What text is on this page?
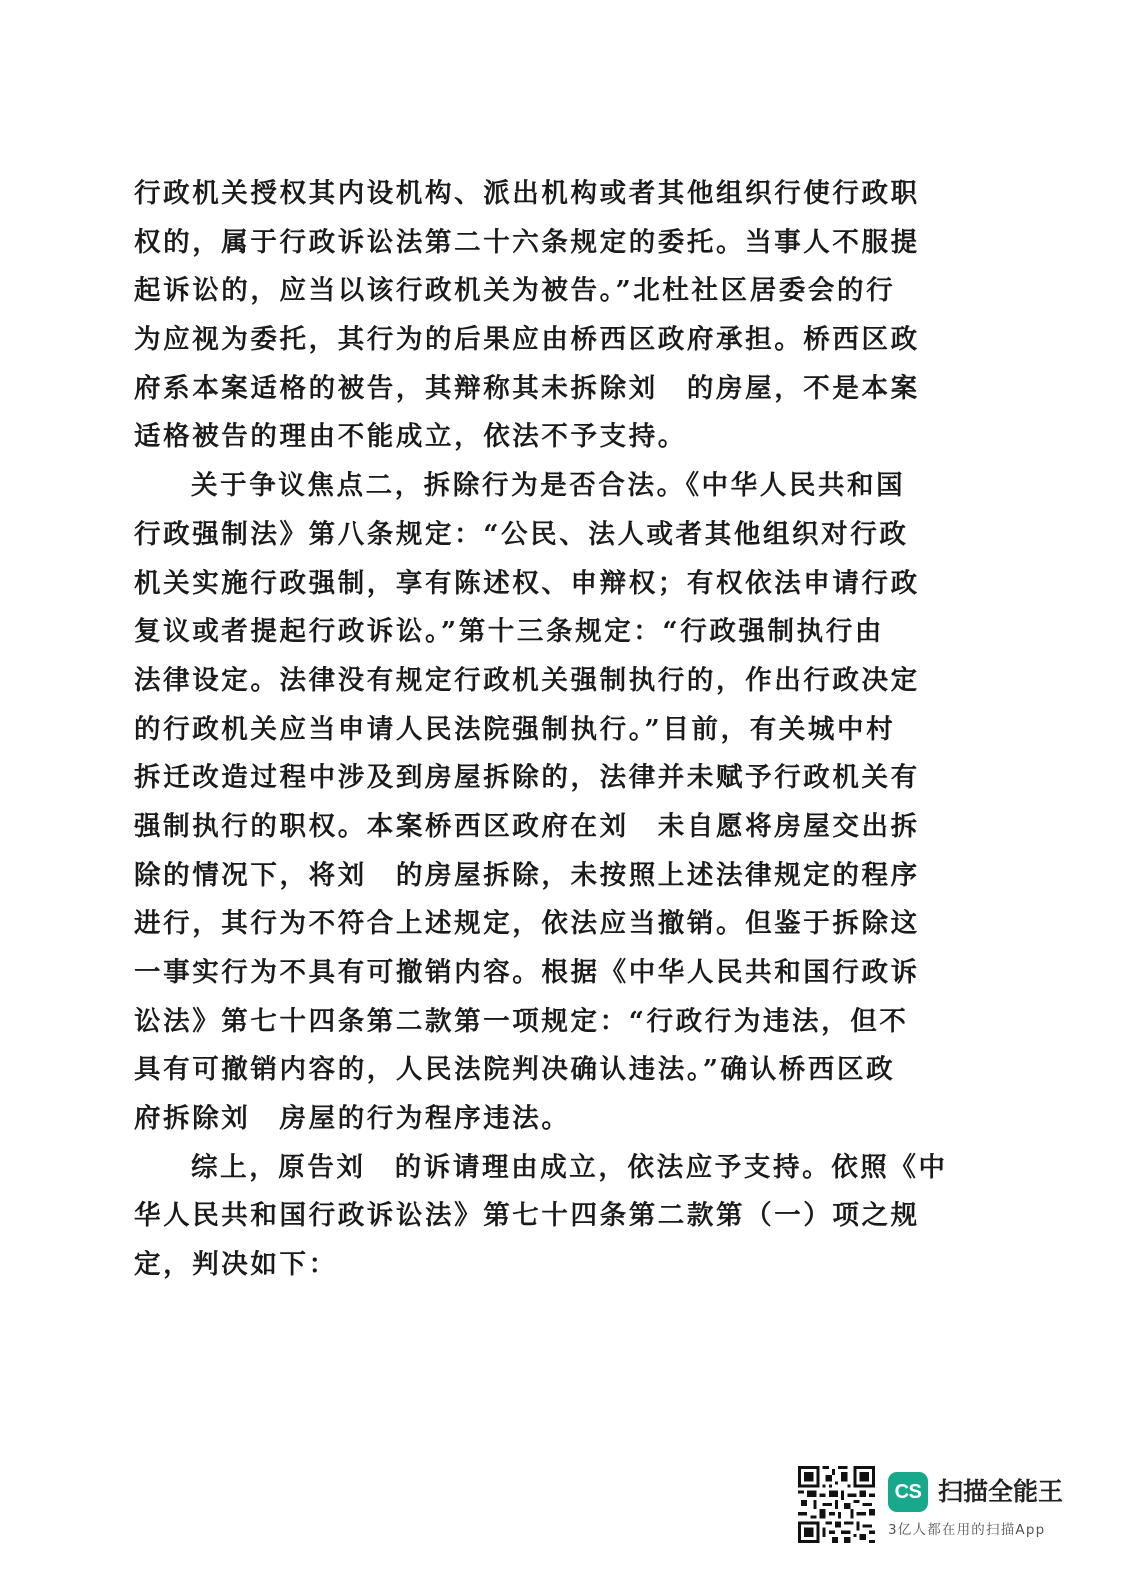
行政机关授权其内设机构、派出机构或者其他组织行使行政职
权的，属于行政诉讼法第二十六条规定的委托。当事人不服提
起诉讼的，应当以该行政机关为被告。”北杜社区居委会的行
为应视为委托，其行为的后果应由桥西区政府承担。桥西区政
府系本案适格的被告，其辩称其未拆除刘　的房屋，不是本案
适格被告的理由不能成立，依法不予支持。
关于争议焦点二，拆除行为是否合法。《中华人民共和国
行政强制法》第八条规定：“公民、法人或者其他组织对行政
机关实施行政强制，享有陈述权、申辩权；有权依法申请行政
复议或者提起行政诉讼。”第十三条规定：“行政强制执行由
法律设定。法律没有规定行政机关强制执行的，作出行政决定
的行政机关应当申请人民法院强制执行。”目前，有关城中村
拆迁改造过程中涉及到房屋拆除的，法律并未赋予行政机关有
强制执行的职权。本案桥西区政府在刘　未自愿将房屋交出拆
除的情况下，将刘　的房屋拆除，未按照上述法律规定的程序
进行，其行为不符合上述规定，依法应当撤销。但鉴于拆除这
一事实行为不具有可撤销内容。根据《中华人民共和国行政诉
讼法》第七十四条第二款第一项规定：“行政行为违法，但不
具有可撤销内容的，人民法院判决确认违法。”确认桥西区政
府拆除刘　房屋的行为程序违法。
综上，原告刘　的诉请理由成立，依法应予支持。依照《中
华人民共和国行政诉讼法》第七十四条第二款第（一）项之规
定，判决如下：
CS 扫描全能王
3亿人都在用的扫描App
